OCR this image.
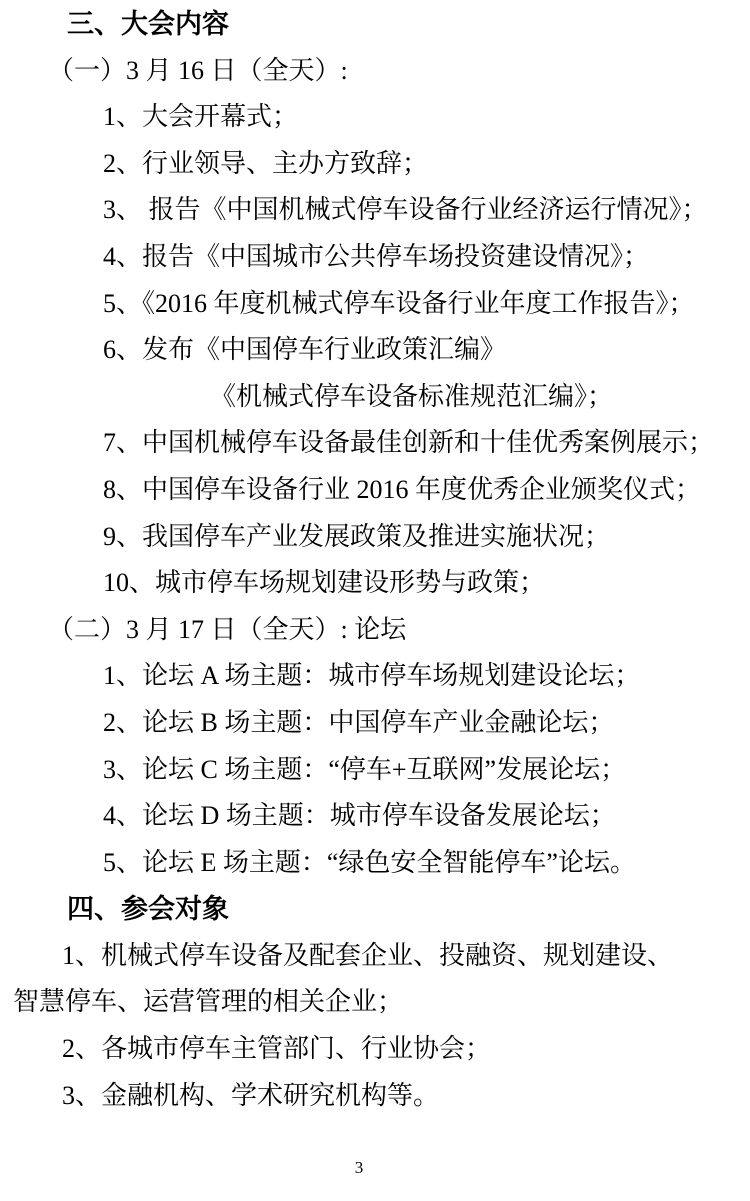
三、大会内容
（一）3 月 16 日（全天）:
1、大会开幕式；
2、行业领导、主办方致辞；
3、 报告《中国机械式停车设备行业经济运行情况》；
4、报告《中国城市公共停车场投资建设情况》；
5、《2016 年度机械式停车设备行业年度工作报告》；
6、发布《中国停车行业政策汇编》
《机械式停车设备标准规范汇编》；
7、中国机械停车设备最佳创新和十佳优秀案例展示；
8、中国停车设备行业 2016 年度优秀企业颁奖仪式；
9、我国停车产业发展政策及推进实施状况；
10、城市停车场规划建设形势与政策；
（二）3 月 17 日（全天）: 论坛
1、论坛 A 场主题：城市停车场规划建设论坛；
2、论坛 B 场主题：中国停车产业金融论坛；
3、论坛 C 场主题：“停车+互联网”发展论坛；
4、论坛 D 场主题：城市停车设备发展论坛；
5、论坛 E 场主题：“绿色安全智能停车”论坛。
四、参会对象
1、机械式停车设备及配套企业、投融资、规划建设、
智慧停车、运营管理的相关企业；
2、各城市停车主管部门、行业协会；
3、金融机构、学术研究机构等。
3
